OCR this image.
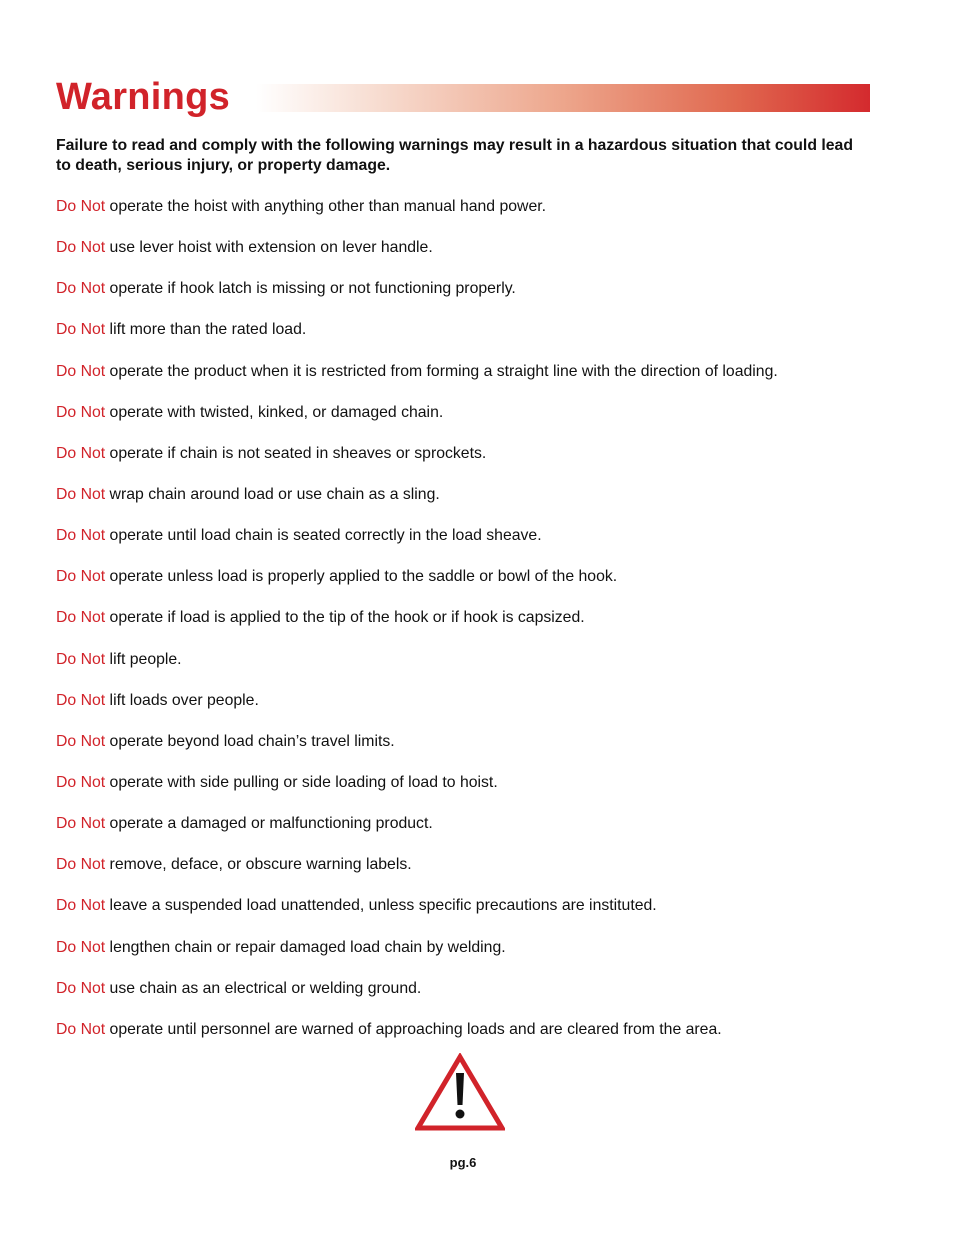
Warnings

Failure to read and comply with the following warnings may result in a hazardous situation that could lead to death, serious injury, or property damage.

Do Not operate the hoist with anything other than manual hand power.
Do Not use lever hoist with extension on lever handle.
Do Not operate if hook latch is missing or not functioning properly.
Do Not lift more than the rated load.
Do Not operate the product when it is restricted from forming a straight line with the direction of loading.
Do Not operate with twisted, kinked, or damaged chain.
Do Not operate if chain is not seated in sheaves or sprockets.
Do Not wrap chain around load or use chain as a sling.
Do Not operate until load chain is seated correctly in the load sheave.
Do Not operate unless load is properly applied to the saddle or bowl of the hook.
Do Not operate if load is applied to the tip of the hook or if hook is capsized.
Do Not lift people.
Do Not lift loads over people.
Do Not operate beyond load chain’s travel limits.
Do Not operate with side pulling or side loading of load to hoist.
Do Not operate a damaged or malfunctioning product.
Do Not remove, deface, or obscure warning labels.
Do Not leave a suspended load unattended, unless specific precautions are instituted.
Do Not lengthen chain or repair damaged load chain by welding.
Do Not use chain as an electrical or welding ground.
Do Not operate until personnel are warned of approaching loads and are cleared from the area.
pg.6
